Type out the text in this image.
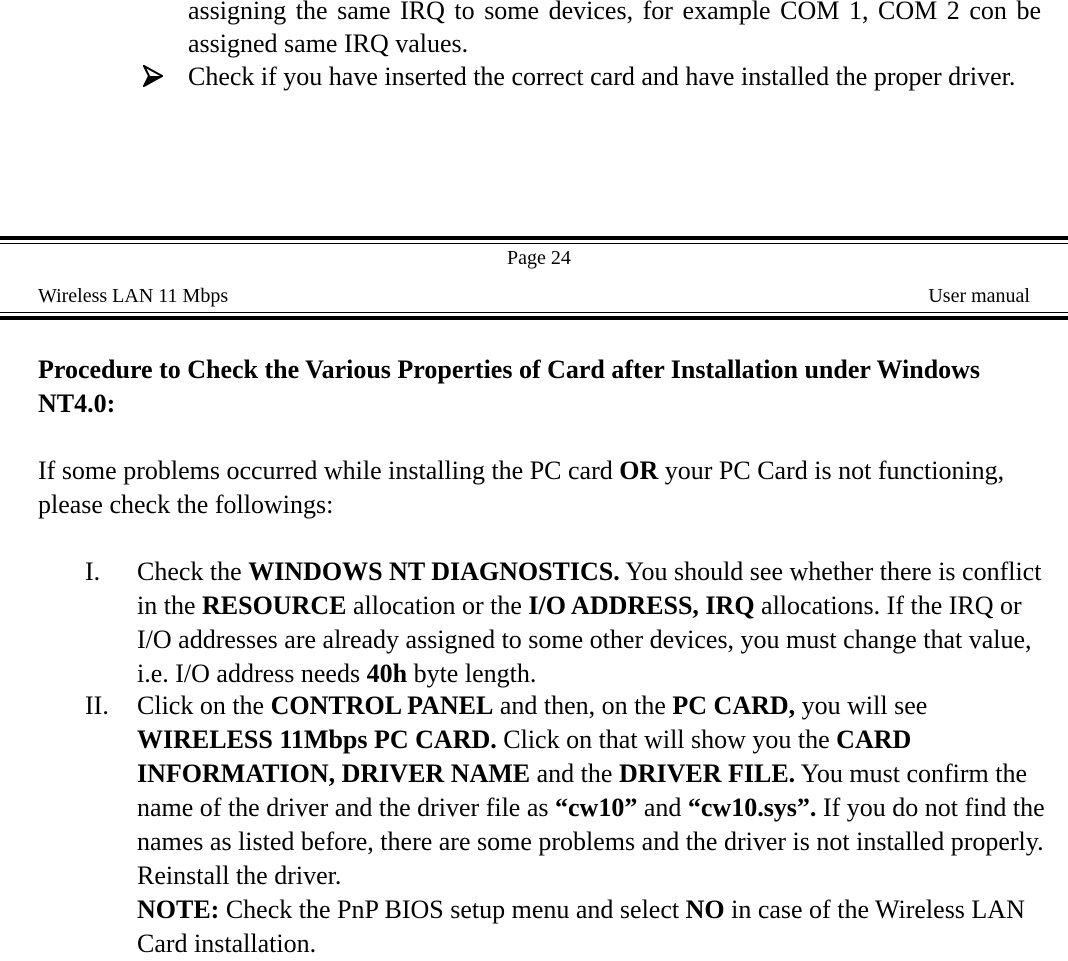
assigning the same IRQ to some devices, for example COM 1, COM 2 con be assigned same IRQ values.
Check if you have inserted the correct card and have installed the proper driver.
Page 24
Wireless LAN 11 Mbps	User manual
Procedure to Check the Various Properties of Card after Installation under Windows NT4.0:
If some problems occurred while installing the PC card OR your PC Card is not functioning, please check the followings:
I. Check the WINDOWS NT DIAGNOSTICS. You should see whether there is conflict in the RESOURCE allocation or the I/O ADDRESS, IRQ allocations. If the IRQ or I/O addresses are already assigned to some other devices, you must change that value, i.e. I/O address needs 40h byte length.
II. Click on the CONTROL PANEL and then, on the PC CARD, you will see WIRELESS 11Mbps PC CARD. Click on that will show you the CARD INFORMATION, DRIVER NAME and the DRIVER FILE. You must confirm the name of the driver and the driver file as “cw10” and “cw10.sys”. If you do not find the names as listed before, there are some problems and the driver is not installed properly. Reinstall the driver.
NOTE: Check the PnP BIOS setup menu and select NO in case of the Wireless LAN Card installation.
